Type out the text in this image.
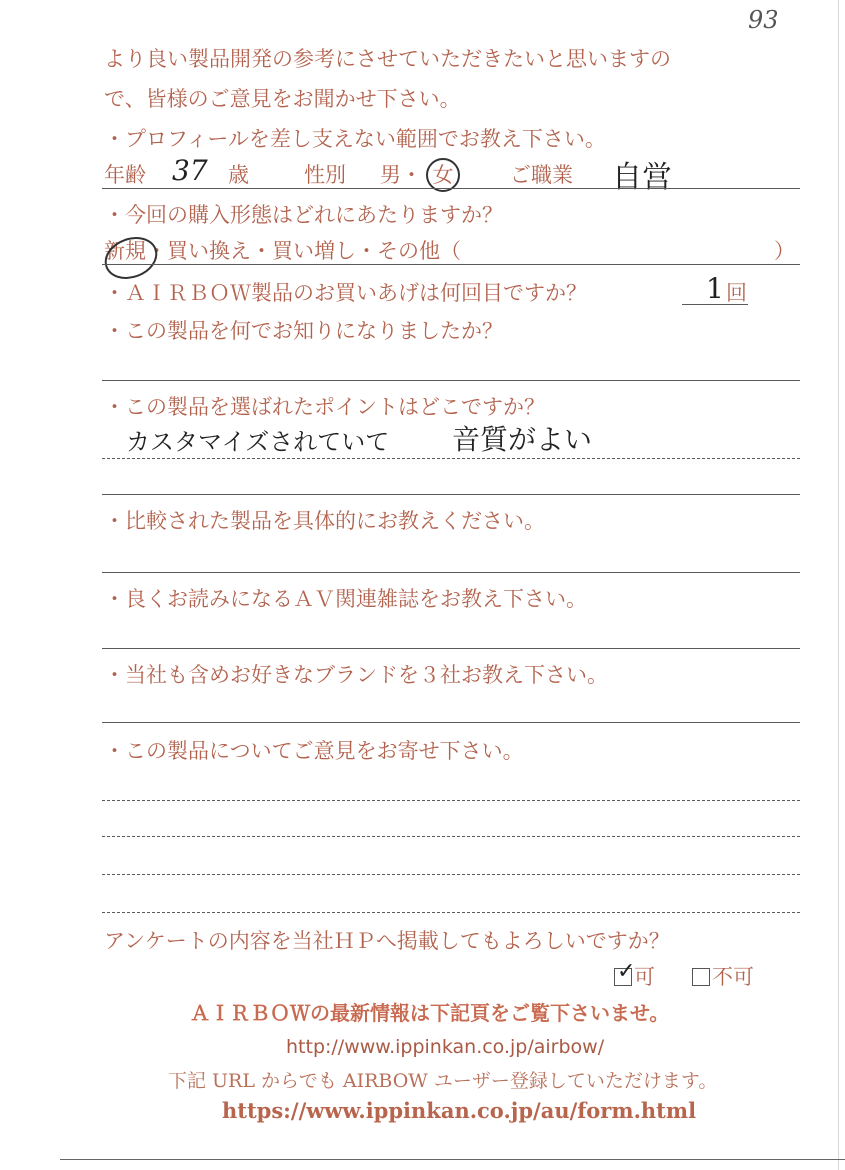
93
より良い製品開発の参考にさせていただきたいと思いますの
で、皆様のご意見をお聞かせ下さい。
・プロフィールを差し支えない範囲でお教え下さい。
年齢 37 歳	性別 男・ 女	ご職業 自営
・今回の購入形態はどれにあたりますか？
新規・買い換え・買い増し・その他（	）
・ＡＩＲＢＯＷ製品のお買いあげは何回目ですか？	1 回
・この製品を何でお知りになりましたか？
・この製品を選ばれたポイントはどこですか？
カスタマイズされていて 音質がよい
・比較された製品を具体的にお教えください。
・良くお読みになるＡＶ関連雑誌をお教え下さい。
・当社も含めお好きなブランドを３社お教え下さい。
・この製品についてご意見をお寄せ下さい。
アンケートの内容を当社ＨＰへ掲載してもよろしいですか？
✓
可	不可
ＡＩＲＢＯＷの最新情報は下記頁をご覧下さいませ。
http://www.ippinkan.co.jp/airbow/
下記 URL からでも AIRBOW ユーザー登録していただけます。
https://www.ippinkan.co.jp/au/form.html
